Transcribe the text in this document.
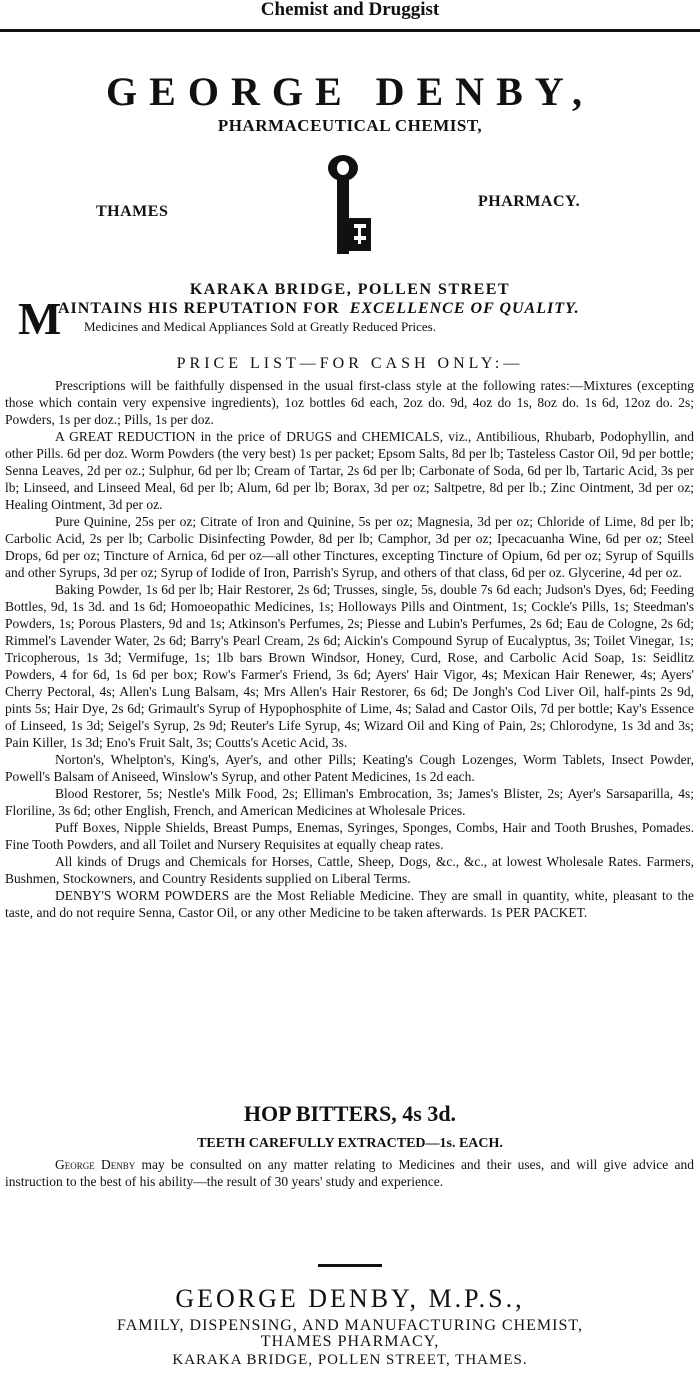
Chemist and Druggist
GEORGE DENBY,
PHARMACEUTICAL CHEMIST,
THAMES
PHARMACY.
KARAKA BRIDGE, POLLEN STREET
M
AINTAINS HIS REPUTATION FOR EXCELLENCE OF QUALITY.
Medicines and Medical Appliances Sold at Greatly Reduced Prices.
PRICE LIST—FOR CASH ONLY:—

Prescriptions will be faithfully dispensed in the usual first-class style at the following rates:—Mixtures (excepting those which contain very expensive ingredients), 1oz bottles 6d each, 2oz do. 9d, 4oz do 1s, 8oz do. 1s 6d, 12oz do. 2s; Powders, 1s per doz.; Pills, 1s per doz.

A GREAT REDUCTION in the price of DRUGS and CHEMICALS, viz., Antibilious, Rhubarb, Podophyllin, and other Pills. 6d per doz. Worm Powders (the very best) 1s per packet; Epsom Salts, 8d per lb; Tasteless Castor Oil, 9d per bottle; Senna Leaves, 2d per oz.; Sulphur, 6d per lb; Cream of Tartar, 2s 6d per lb; Carbonate of Soda, 6d per lb, Tartaric Acid, 3s per lb; Linseed, and Linseed Meal, 6d per lb; Alum, 6d per lb; Borax, 3d per oz; Saltpetre, 8d per lb.; Zinc Ointment, 3d per oz; Healing Ointment, 3d per oz.

Pure Quinine, 25s per oz; Citrate of Iron and Quinine, 5s per oz; Magnesia, 3d per oz; Chloride of Lime, 8d per lb; Carbolic Acid, 2s per lb; Carbolic Disinfecting Powder, 8d per lb; Camphor, 3d per oz; Ipecacuanha Wine, 6d per oz; Steel Drops, 6d per oz; Tincture of Arnica, 6d per oz—all other Tinctures, excepting Tincture of Opium, 6d per oz; Syrup of Squills and other Syrups, 3d per oz; Syrup of Iodide of Iron, Parrish's Syrup, and others of that class, 6d per oz. Glycerine, 4d per oz.

Baking Powder, 1s 6d per lb; Hair Restorer, 2s 6d; Trusses, single, 5s, double 7s 6d each; Judson's Dyes, 6d; Feeding Bottles, 9d, 1s 3d. and 1s 6d; Homoeopathic Medicines, 1s; Holloways Pills and Ointment, 1s; Cockle's Pills, 1s; Steedman's Powders, 1s; Porous Plasters, 9d and 1s; Atkinson's Perfumes, 2s; Piesse and Lubin's Perfumes, 2s 6d; Eau de Cologne, 2s 6d; Rimmel's Lavender Water, 2s 6d; Barry's Pearl Cream, 2s 6d; Aickin's Compound Syrup of Eucalyptus, 3s; Toilet Vinegar, 1s; Tricopherous, 1s 3d; Vermifuge, 1s; 1lb bars Brown Windsor, Honey, Curd, Rose, and Carbolic Acid Soap, 1s: Seidlitz Powders, 4 for 6d, 1s 6d per box; Row's Farmer's Friend, 3s 6d; Ayers' Hair Vigor, 4s; Mexican Hair Renewer, 4s; Ayers' Cherry Pectoral, 4s; Allen's Lung Balsam, 4s; Mrs Allen's Hair Restorer, 6s 6d; De Jongh's Cod Liver Oil, half-pints 2s 9d, pints 5s; Hair Dye, 2s 6d; Grimault's Syrup of Hypophosphite of Lime, 4s; Salad and Castor Oils, 7d per bottle; Kay's Essence of Linseed, 1s 3d; Seigel's Syrup, 2s 9d; Reuter's Life Syrup, 4s; Wizard Oil and King of Pain, 2s; Chlorodyne, 1s 3d and 3s; Pain Killer, 1s 3d; Eno's Fruit Salt, 3s; Coutts's Acetic Acid, 3s.

Norton's, Whelpton's, King's, Ayer's, and other Pills; Keating's Cough Lozenges, Worm Tablets, Insect Powder, Powell's Balsam of Aniseed, Winslow's Syrup, and other Patent Medicines, 1s 2d each.

Blood Restorer, 5s; Nestle's Milk Food, 2s; Elliman's Embrocation, 3s; James's Blister, 2s; Ayer's Sarsaparilla, 4s; Floriline, 3s 6d; other English, French, and American Medicines at Wholesale Prices.

Puff Boxes, Nipple Shields, Breast Pumps, Enemas, Syringes, Sponges, Combs, Hair and Tooth Brushes, Pomades. Fine Tooth Powders, and all Toilet and Nursery Requisites at equally cheap rates.

All kinds of Drugs and Chemicals for Horses, Cattle, Sheep, Dogs, &c., &c., at lowest Wholesale Rates. Farmers, Bushmen, Stockowners, and Country Residents supplied on Liberal Terms.

DENBY'S WORM POWDERS are the Most Reliable Medicine. They are small in quantity, white, pleasant to the taste, and do not require Senna, Castor Oil, or any other Medicine to be taken afterwards. 1s PER PACKET.

HOP BITTERS, 4s 3d.
TEETH CAREFULLY EXTRACTED—1s. EACH.

George Denby may be consulted on any matter relating to Medicines and their uses, and will give advice and instruction to the best of his ability—the result of 30 years' study and experience.

GEORGE DENBY, M.P.S.,
FAMILY, DISPENSING, AND MANUFACTURING CHEMIST,
THAMES PHARMACY,
KARAKA BRIDGE, POLLEN STREET, THAMES.
